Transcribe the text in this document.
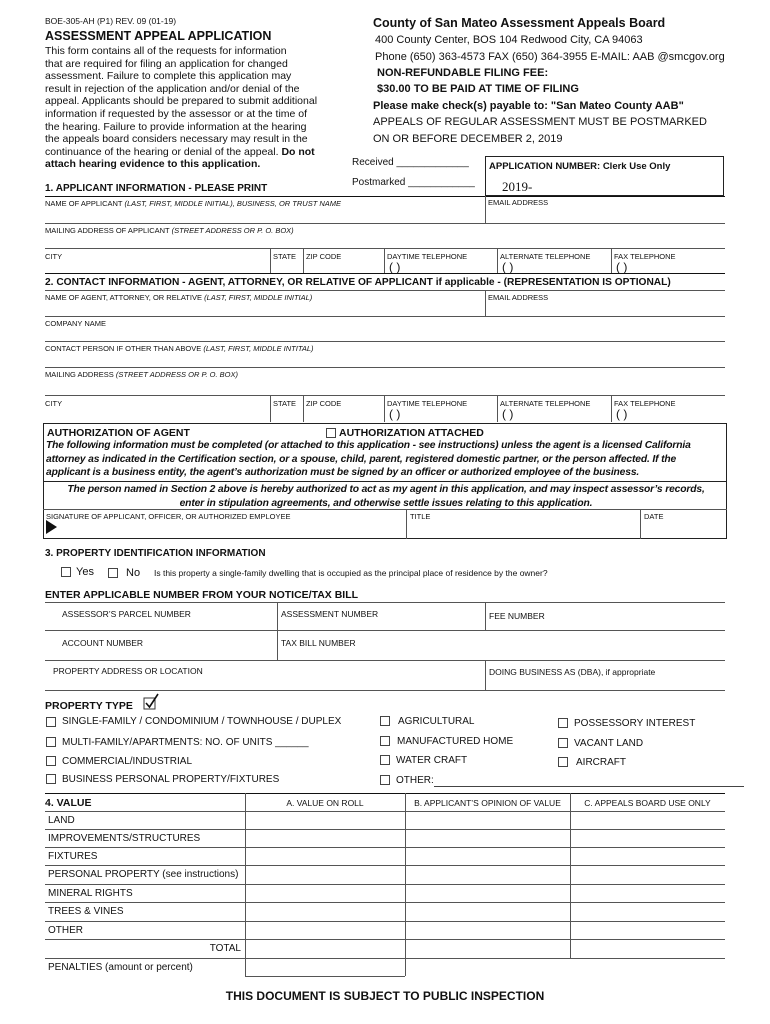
BOE-305-AH (P1) REV. 09 (01-19)
ASSESSMENT APPEAL APPLICATION
This form contains all of the requests for information
that are required for filing an application for changed
assessment. Failure to complete this application may
result in rejection of the application and/or denial of the
appeal. Applicants should be prepared to submit additional
information if requested by the assessor or at the time of
the hearing. Failure to provide information at the hearing
the appeals board considers necessary may result in the
continuance of the hearing or denial of the appeal. Do not
attach hearing evidence to this application.
County of San Mateo Assessment Appeals Board
400 County Center, BOS 104 Redwood City, CA 94063
Phone (650) 363-4573 FAX (650) 364-3955 E-MAIL: AAB @smcgov.org
NON-REFUNDABLE FILING FEE:
$30.00 TO BE PAID AT TIME OF FILING
Please make check(s) payable to: "San Mateo County AAB"
APPEALS OF REGULAR ASSESSMENT MUST BE POSTMARKED
ON OR BEFORE DECEMBER 2, 2019
Received _____________
Postmarked ____________
APPLICATION NUMBER: Clerk Use Only
2019-
1. APPLICANT INFORMATION - PLEASE PRINT
NAME OF APPLICANT (LAST, FIRST, MIDDLE INITIAL), BUSINESS, OR TRUST NAME	EMAIL ADDRESS
MAILING ADDRESS OF APPLICANT (STREET ADDRESS OR P. O. BOX)
CITY	STATE ZIP CODE	DAYTIME TELEPHONE	ALTERNATE TELEPHONE	FAX TELEPHONE
( )	( )	( )
2. CONTACT INFORMATION - AGENT, ATTORNEY, OR RELATIVE OF APPLICANT if applicable - (REPRESENTATION IS OPTIONAL)
NAME OF AGENT, ATTORNEY, OR RELATIVE (LAST, FIRST, MIDDLE INITIAL)	EMAIL ADDRESS
COMPANY NAME
CONTACT PERSON IF OTHER THAN ABOVE (LAST, FIRST, MIDDLE INTITAL)
MAILING ADDRESS (STREET ADDRESS OR P. O. BOX)
CITY	STATE ZIP CODE	DAYTIME TELEPHONE	ALTERNATE TELEPHONE	FAX TELEPHONE
( )	( )	( )
AUTHORIZATION OF AGENT	AUTHORIZATION ATTACHED
The following information must be completed (or attached to this application - see instructions) unless the agent is a licensed California
attorney as indicated in the Certification section, or a spouse, child, parent, registered domestic partner, or the person affected. If the
applicant is a business entity, the agent’s authorization must be signed by an officer or authorized employee of the business.
The person named in Section 2 above is hereby authorized to act as my agent in this application, and may inspect assessor’s records,
enter in stipulation agreements, and otherwise settle issues relating to this application.
SIGNATURE OF APPLICANT, OFFICER, OR AUTHORIZED EMPLOYEE	TITLE	DATE
3. PROPERTY IDENTIFICATION INFORMATION
Yes	No Is this property a single-family dwelling that is occupied as the principal place of residence by the owner?
ENTER APPLICABLE NUMBER FROM YOUR NOTICE/TAX BILL
ASSESSOR’S PARCEL NUMBER	ASSESSMENT NUMBER	FEE NUMBER
ACCOUNT NUMBER	TAX BILL NUMBER
PROPERTY ADDRESS OR LOCATION	DOING BUSINESS AS (DBA), if appropriate
PROPERTY TYPE
SINGLE-FAMILY / CONDOMINIUM / TOWNHOUSE / DUPLEX
MULTI-FAMILY/APARTMENTS: NO. OF UNITS ______
COMMERCIAL/INDUSTRIAL
BUSINESS PERSONAL PROPERTY/FIXTURES
AGRICULTURAL
MANUFACTURED HOME
WATER CRAFT
OTHER:
POSSESSORY INTEREST
VACANT LAND
AIRCRAFT
4. VALUE	A. VALUE ON ROLL	B. APPLICANT’S OPINION OF VALUE	C. APPEALS BOARD USE ONLY
LAND
IMPROVEMENTS/STRUCTURES
FIXTURES
PERSONAL PROPERTY (see instructions)
MINERAL RIGHTS
TREES & VINES
OTHER
TOTAL
PENALTIES (amount or percent)
THIS DOCUMENT IS SUBJECT TO PUBLIC INSPECTION
